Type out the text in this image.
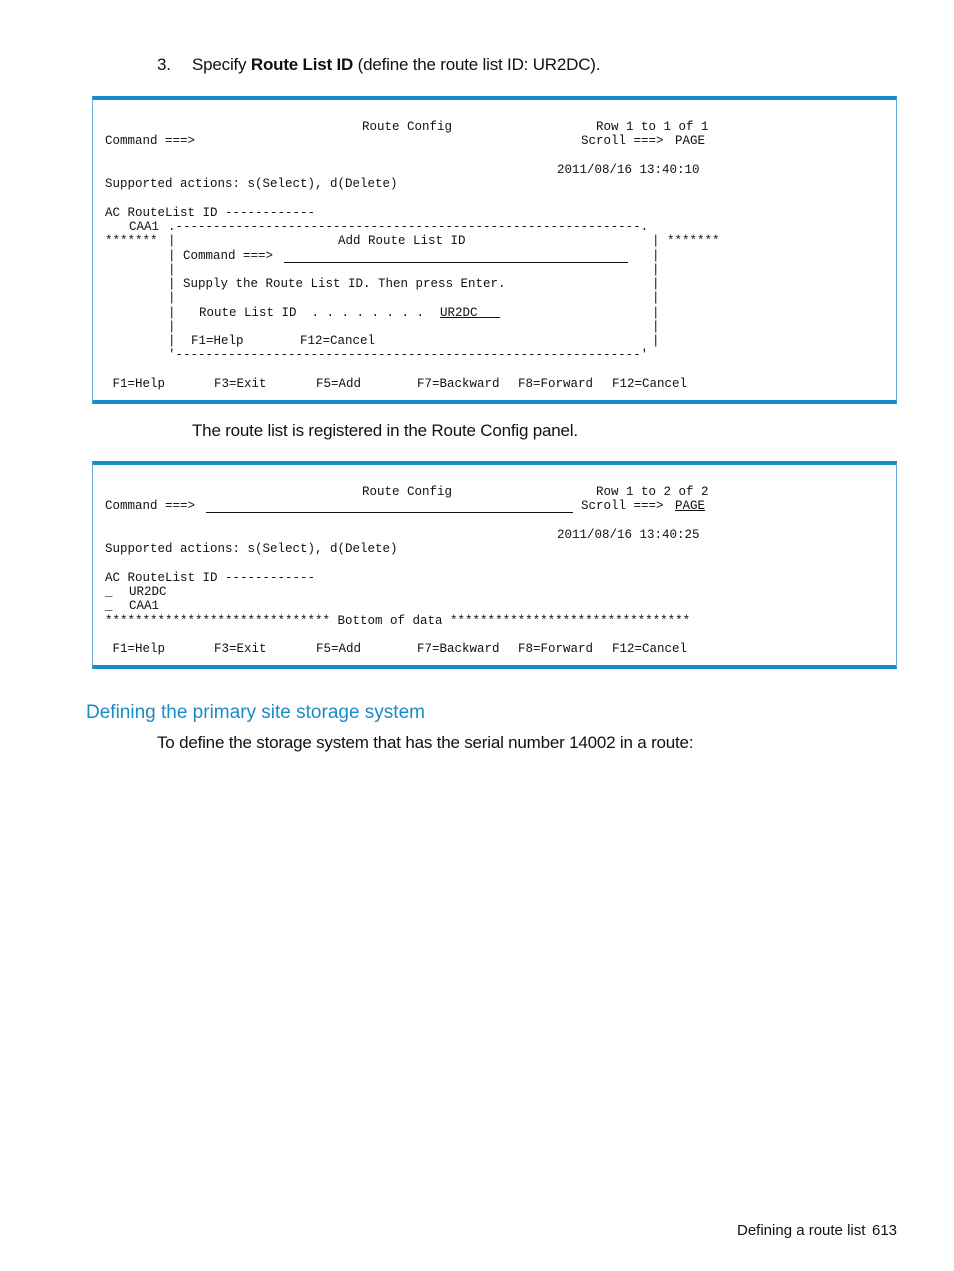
3. Specify Route List ID (define the route list ID: UR2DC).
Route Config	Row 1 to 1 of 1
Command ===>	Scroll ===> PAGE
2011/08/16 13:40:10
Supported actions: s(Select), d(Delete)
AC RouteList ID ------------
CAA1 .--------------------------------------------------------------.
*******	*******
Add Route List ID
Command ===>
Supply the Route List ID. Then press Enter.
Route List ID  . . . . . . . . UR2DC
F1=Help	F12=Cancel
'--------------------------------------------------------------'
F1=Help	F3=Exit	F5=Add	F7=Backward F8=Forward F12=Cancel
|	|
|	|
|	|
|	|
|	|
|	|
|	|
|	|
The route list is registered in the Route Config panel.
Route Config	Row 1 to 2 of 2
Command ===>	Scroll ===> PAGE
2011/08/16 13:40:25
Supported actions: s(Select), d(Delete)
AC RouteList ID ------------
_ UR2DC
_ CAA1
****************************** Bottom of data ********************************
F1=Help	F3=Exit	F5=Add	F7=Backward F8=Forward F12=Cancel
Defining the primary site storage system
To define the storage system that has the serial number 14002 in a route:
Defining a route list 613
